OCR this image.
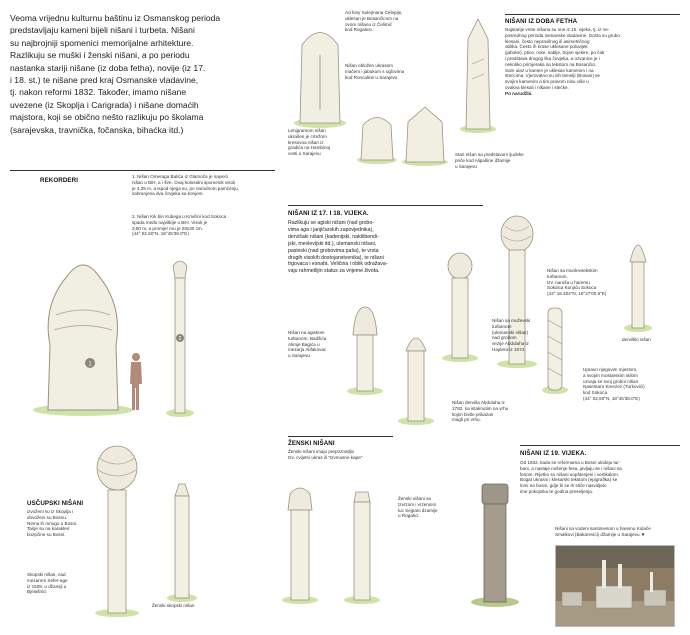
Veoma vrijednu kulturnu baštinu iz Osmanskog perioda
predstavljaju kameni bijeli nišani i turbeta. Nišani
su najbrojniji spomenici memorijalne arhitekture.
Razlikuju se muški i ženski nišani, a po periodu
nastanka stariji nišane (iz doba fetha), novije (iz 17.
i 18. st.) te nišane pred kraj Osmanske vladavine,
tj. nakon reformi 1832. Također, imamo nišane
uvezene (iz Skoplja i Carigrada) i nišane domaćih
majstora, koji se obično nešto razlikuju po školama
(sarajevska, travnička, fočanska, bihaćka itd.)
REKORDERI
1. Nišan Omeraga Batića iz Glamoča je najveći
nišan u BiH, a i šire. Ovaj kolosalni spomenik visok
je 4,35 m, a ispod njega su, po narodnom pamćenju,
sahranjena dva čovjeka sa konjem.
2. Nišan Kik bin Kubega u Krivčini kod Sokoca
spada među najvitkije u BiH. Visok je
3,80 m, a promjer mu je 28x30 cm.
(44° 02,60"N, 18°45'38.0"E)
1
2
Ad hiny Sulejmana Čelepije,
uklesan je Bosančicom na
ovom nišanu iz Čelimić
kod Rogatice.
Nišan obložen ukrasom
mačem i jabukom s uglovima
kod Roncaline u Sarajevu
Lenigramom nišan
ukrašen je crtežom
kresovoa nišan iz
gradića na Hambinoj
cesti u Sarajevu	Stari nišan sa predstavom ljudske
priče kod Alipašine džamije
u Sarajevu
NIŠANI IZ DOBA FETHA
Najstarije vrste nišana su one iz 15. vijeka, tj. iz ne-
posrednog perioda osmanske vladavine. Dosta su grubo
klesani, često nepravilnog ili asimetričnog
oblika. Često ih krase uklesane poluvijek
(jabuke), ptice, ruke, sablje, bojne sjekire, po čak
i predstava drugog lika čovjeka, a ozvanice je i
nekoliko primjeraka sa tekstom na Bosančici.
Sam ulaz u kamen je uklesan kamenim i na
steccima. Vjerovatno su ish temelji (Bosani) se
svojim kamenim a tim pravom nisu više u
ovakva klesali i nišane i stećke.
Po narudžbi.
NIŠANI IZ 17. I 18. VIJEKA.
Razlikuju se agiski nišani (nad grobo-
vima aga i janjičarskih zapovjednika),
dervišaki nišani (kadenijski, nakšibendi-
jski, mevlevijski itd.), ulemanski nišani,
pasinski (nad grobovima paša), te vrsta
drugih visokih dostojanstvenika), te nišani
trgovaca i esnafa. Veličina i oblik odražava-
vaju rahmetlijin status za vrijeme života.
Nišan na agiskom
turbanom. Badžića
Alimje Bagića u
mezarju Alifakovac
u Sarajevu
Nišan sa munlevsekskim
turbanom,
tzv. naruša u haremu
Sokolca Konjiću Sokoca
(43° 18.404"N, 18°27'00.6"E)
Nišan sa muževski
turbanom
(ulemanski nišan)
nad grobom
vezije Abdulaha iz
Hajdera iz 1874.
dervišiki nišan
Nišan derviša Abdulaha iz
1782. sa istaknutim na vrhu
kojim bivše prikazan
magli pri vrhu.
Upravo njegovim mjestom,
a svojim mostarskim stilom
uzvaja se svoj grobni nišan.
Nasentaru Kmezez (Turkovići)
kod Sokoca.
(44° 02,60"N, 18°45'38.0"E)
USČUPSKI NIŠANI
izvoženi su iz Skoplja i
dovoženi su Bosnu.
Nema ih mnogo u Bosni.
Tarije su na karakteri
bozpčine su Bosni.
Skopski nišan, nad
mezarom Sefer-age
iz 1509. u džamiji u
Bjelašnici
Ženski skopski nišan
ŽENSKI NIŠANI
Ženski nišani imaju prepoznatljiv
tzv. cvijetni ukras ili "tzvmusne kape"
Ženski nišani sa
tzvrzom i vrzeniom
luc Sejpani dzamije
u Rogatici
NIŠANI IZ 19. VIJEKA.
Od 1832. kada se reformama u Bosni ukidaju tur-
bani, a nastaje nošenje fesa, javljaju se i nišani sa
fesom. Rijetko su nišani uopštenjeni i vertikalom.
Bogat ukrasni i klesarski tekstom (epigrafika) se
lomi na bosni, gdje bi se ih stiče nasvidjelo
ime pokojnika te godina preseljenja.
Nišani sa vodeni santimesom u haremu Kolače
Smalkovi (Bakarevići) džamije u Sarajevu ▼
